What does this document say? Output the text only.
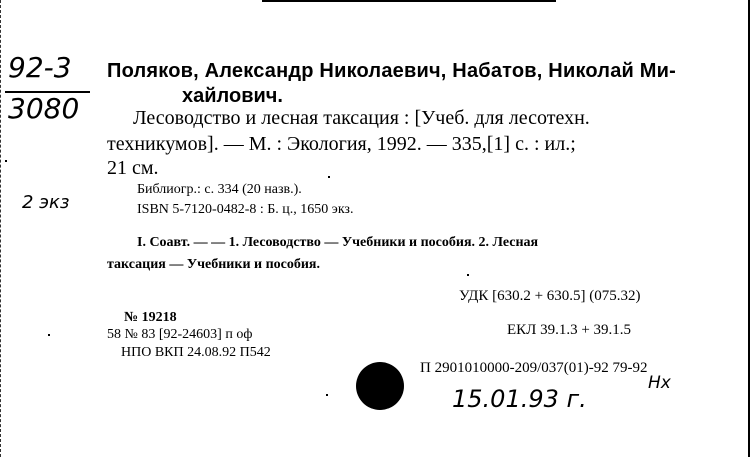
92-3
3080
2 экз
Поляков, Александр Николаевич, Набатов, Николай Ми-
хайлович.
Лесоводство и лесная таксация : [Учеб. для лесотехн.
техникумов]. — М. : Экология, 1992. — 335,[1] с. : ил.;
21 см.
Библиогр.: с. 334 (20 назв.).
ISBN 5-7120-0482-8 : Б. ц., 1650 экз.
I. Соавт. — — 1. Лесоводство — Учебники и пособия. 2. Лесная
таксация — Учебники и пособия.
УДК [630.2 + 630.5] (075.32)
№ 19218
58 № 83 [92-24603] п оф	ЕКЛ 39.1.3 + 39.1.5
НПО ВКП 24.08.92 П542
П 2901010000-209/037(01)-92 79-92
15.01.93 г.
Нх
